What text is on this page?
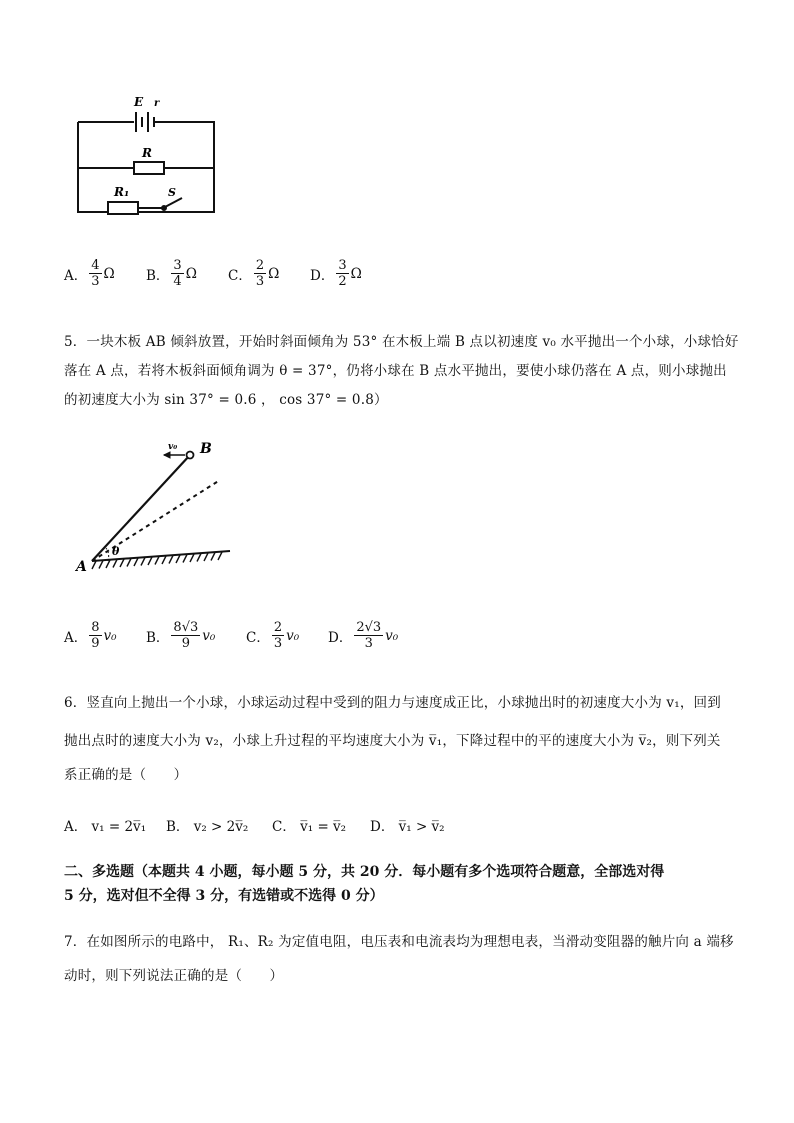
E r
R
R₁	S
A． $\frac{4}{3}$ Ω B． $\frac{3}{4}$ Ω C． $\frac{2}{3}$ Ω D． $\frac{3}{2}$ Ω
5．一块木板 AB 倾斜放置，开始时斜面倾角为 53° 在木板上端 B 点以初速度 v₀ 水平抛出一个小球，小球恰好
落在 A 点，若将木板斜面倾角调为 θ = 37°，仍将小球在 B 点水平抛出，要使小球仍落在 A 点，则小球抛出
的初速度大小为 sin 37° = 0.6 ， cos 37° = 0.8）
v₀ B
A
θ
A． $\frac{8}{9} v_0$ B． $\frac{8√3}{9} v_0$ C． $\frac{2}{3} v_0$ D． $\frac{2√3}{3} v_0$
6．竖直向上抛出一个小球，小球运动过程中受到的阻力与速度成正比，小球抛出时的初速度大小为 v₁，回到
抛出点时的速度大小为 v₂，小球上升过程的平均速度大小为 v̅₁，下降过程中的平的速度大小为 v̅₂，则下列关
系正确的是（　　）
A． v₁ = 2v̅₁ B． v₂ > 2v̅₂ C． v̅₁ = v̅₂ D． v̅₁ > v̅₂
二、多选题（本题共 4 小题，每小题 5 分，共 20 分．每小题有多个选项符合题意，全部选对得
5 分，选对但不全得 3 分，有选错或不选得 0 分）
7．在如图所示的电路中， R₁、R₂ 为定值电阻，电压表和电流表均为理想电表，当滑动变阻器的触片向 a 端移
动时，则下列说法正确的是（　　）
